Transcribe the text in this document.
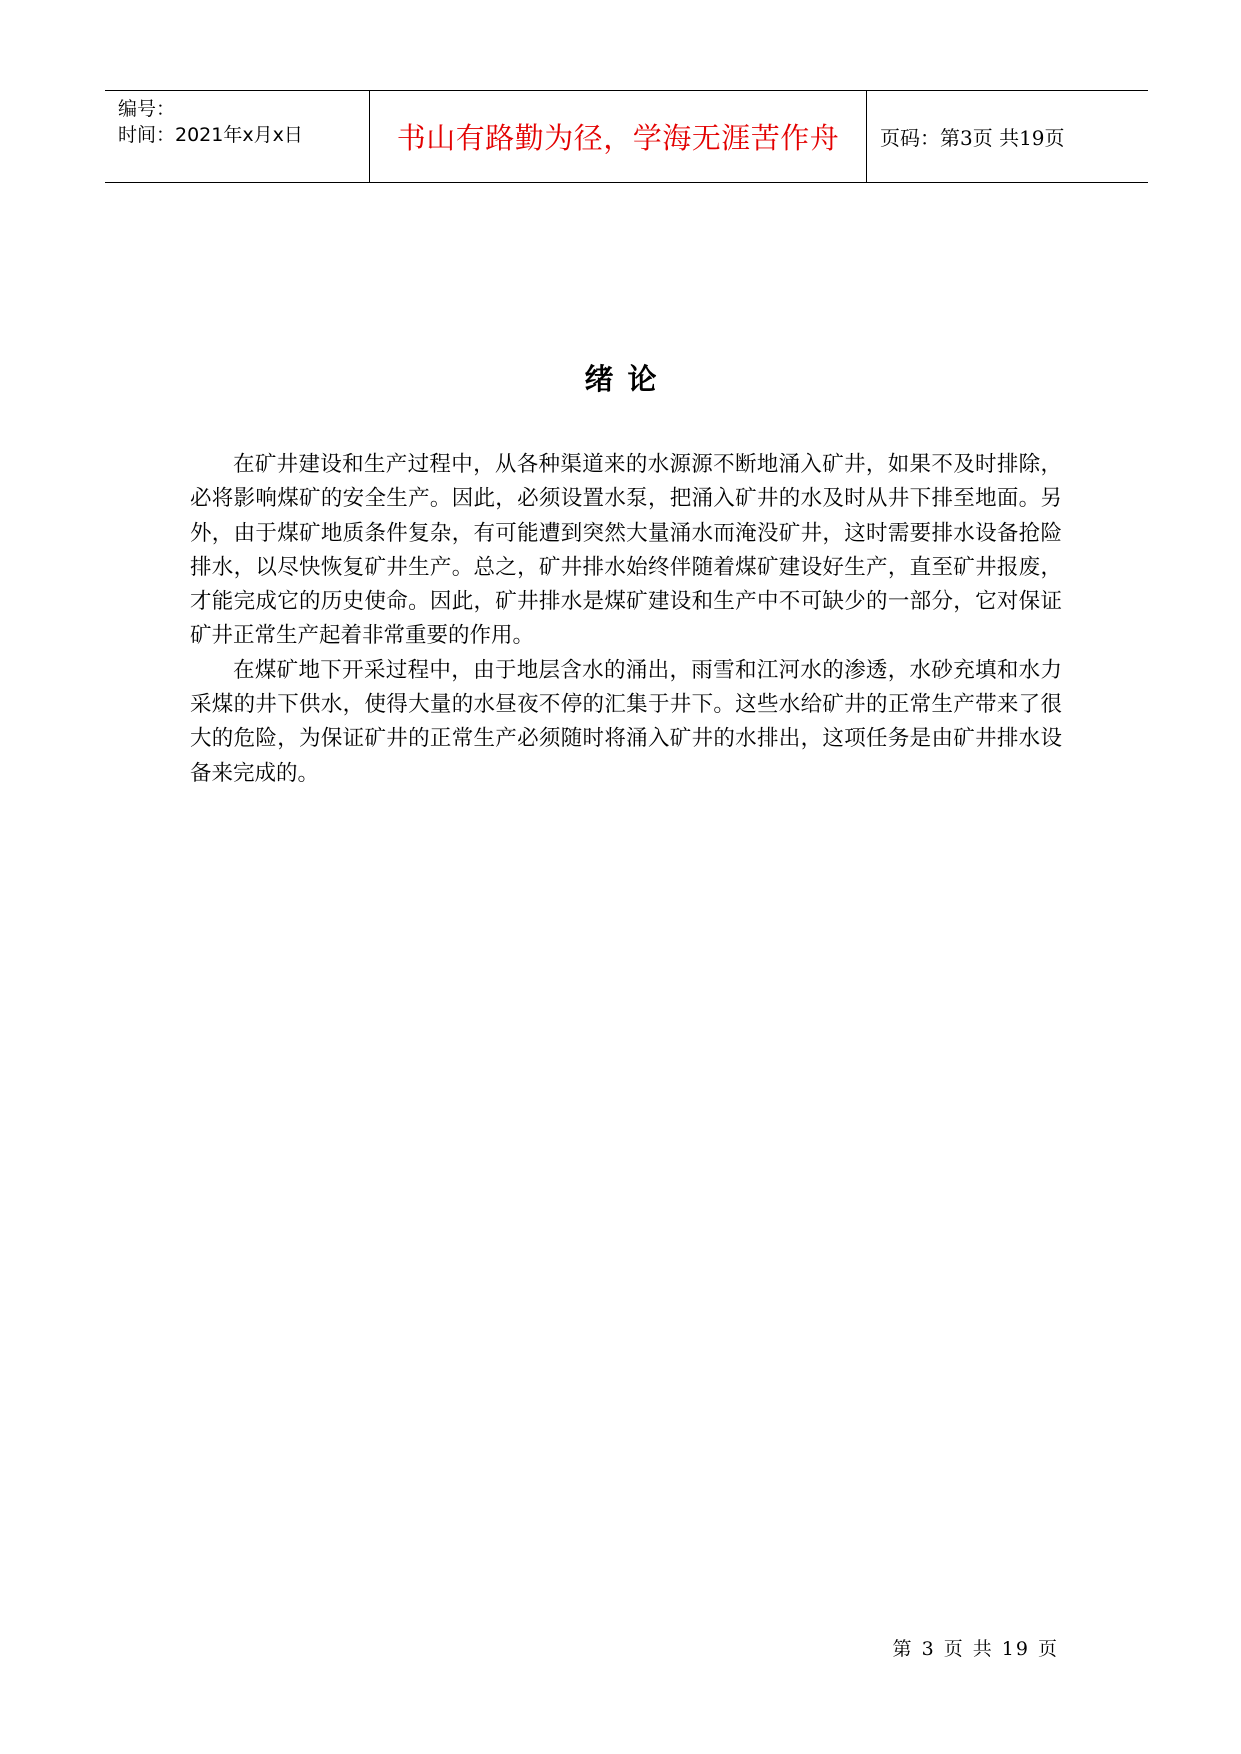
编号：
时间：2021年x月x日	书山有路勤为径，学海无涯苦作舟 页码：第3页 共19页
绪论

在矿井建设和生产过程中，从各种渠道来的水源源不断地涌入矿井，如果不及时排除，必将影响煤矿的安全生产。因此，必须设置水泵，把涌入矿井的水及时从井下排至地面。另外，由于煤矿地质条件复杂，有可能遭到突然大量涌水而淹没矿井，这时需要排水设备抢险排水，以尽快恢复矿井生产。总之，矿井排水始终伴随着煤矿建设好生产，直至矿井报废，才能完成它的历史使命。因此，矿井排水是煤矿建设和生产中不可缺少的一部分，它对保证矿井正常生产起着非常重要的作用。

在煤矿地下开采过程中，由于地层含水的涌出，雨雪和江河水的渗透，水砂充填和水力采煤的井下供水，使得大量的水昼夜不停的汇集于井下。这些水给矿井的正常生产带来了很大的危险，为保证矿井的正常生产必须随时将涌入矿井的水排出，这项任务是由矿井排水设备来完成的。

第 3 页 共 19 页
